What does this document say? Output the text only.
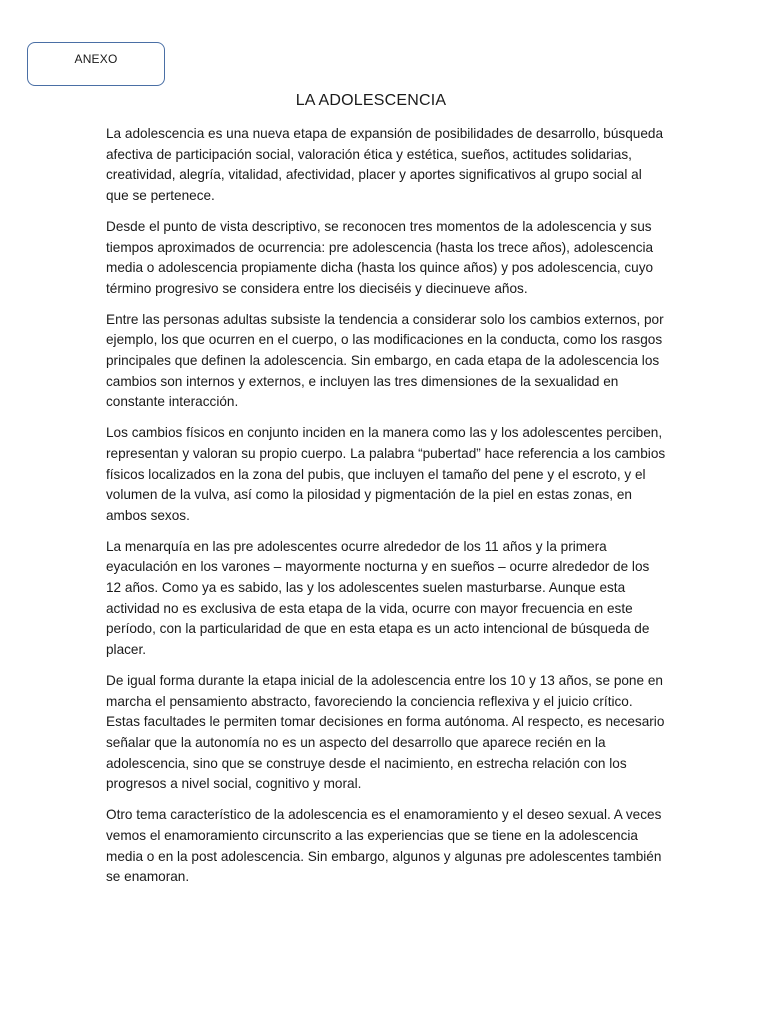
ANEXO
LA ADOLESCENCIA

La adolescencia es una nueva etapa de expansión de posibilidades de desarrollo, búsqueda afectiva de participación social, valoración ética y estética, sueños, actitudes solidarias, creatividad, alegría, vitalidad, afectividad, placer y aportes significativos al grupo social al que se pertenece.

Desde el punto de vista descriptivo, se reconocen tres momentos de la adolescencia y sus tiempos aproximados de ocurrencia: pre adolescencia (hasta los trece años), adolescencia media o adolescencia propiamente dicha (hasta los quince años) y pos adolescencia, cuyo término progresivo se considera entre los dieciséis y diecinueve años.

Entre las personas adultas subsiste la tendencia a considerar solo los cambios externos, por ejemplo, los que ocurren en el cuerpo, o las modificaciones en la conducta, como los rasgos principales que definen la adolescencia. Sin embargo, en cada etapa de la adolescencia los cambios son internos y externos, e incluyen las tres dimensiones de la sexualidad en constante interacción.

Los cambios físicos en conjunto inciden en la manera como las y los adolescentes perciben, representan y valoran su propio cuerpo. La palabra “pubertad” hace referencia a los cambios físicos localizados en la zona del pubis, que incluyen el tamaño del pene y el escroto, y el volumen de la vulva, así como la pilosidad y pigmentación de la piel en estas zonas, en ambos sexos.

La menarquía en las pre adolescentes ocurre alrededor de los 11 años y la primera eyaculación en los varones – mayormente nocturna y en sueños – ocurre alrededor de los 12 años. Como ya es sabido, las y los adolescentes suelen masturbarse. Aunque esta actividad no es exclusiva de esta etapa de la vida, ocurre con mayor frecuencia en este período, con la particularidad de que en esta etapa es un acto intencional de búsqueda de placer.

De igual forma durante la etapa inicial de la adolescencia entre los 10 y 13 años, se pone en marcha el pensamiento abstracto, favoreciendo la conciencia reflexiva y el juicio crítico. Estas facultades le permiten tomar decisiones en forma autónoma. Al respecto, es necesario señalar que la autonomía no es un aspecto del desarrollo que aparece recién en la adolescencia, sino que se construye desde el nacimiento, en estrecha relación con los progresos a nivel social, cognitivo y moral.

Otro tema característico de la adolescencia es el enamoramiento y el deseo sexual. A veces vemos el enamoramiento circunscrito a las experiencias que se tiene en la adolescencia media o en la post adolescencia. Sin embargo, algunos y algunas pre adolescentes también se enamoran.
